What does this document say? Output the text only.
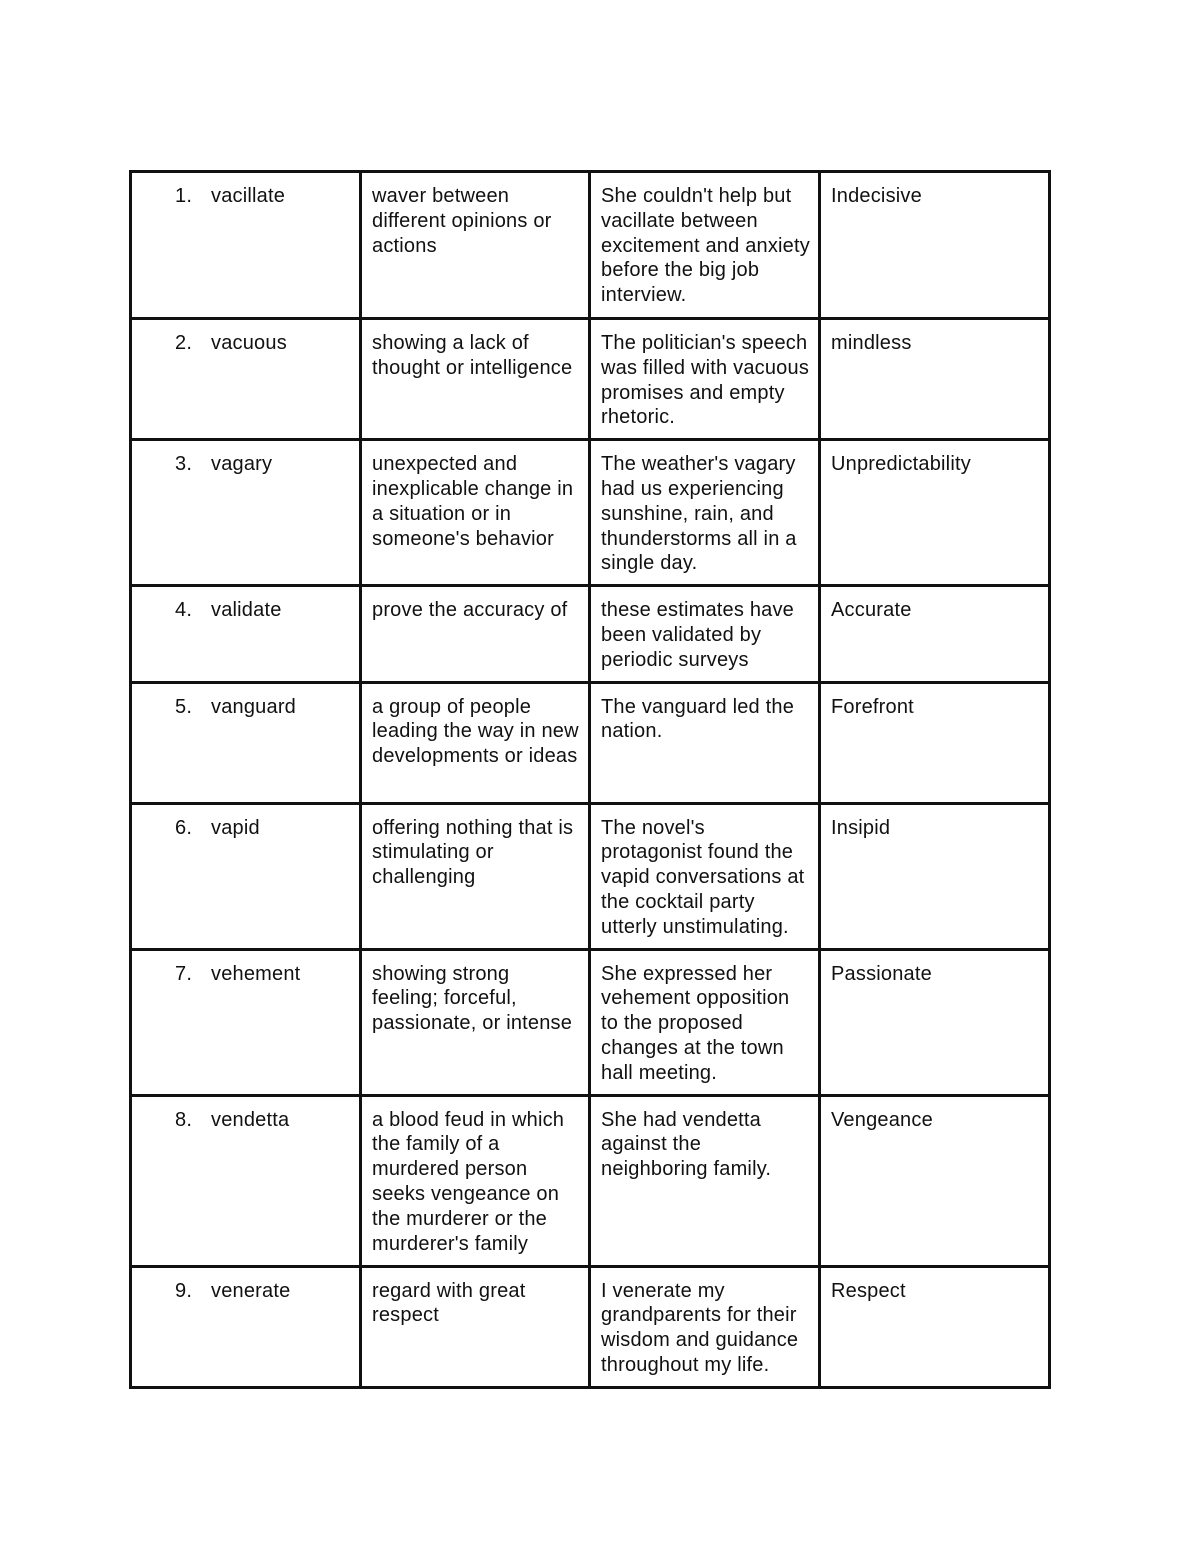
1. vacillate	waver between different opinions or actions	She couldn't help but vacillate between excitement and anxiety before the big job interview.	Indecisive
2. vacuous	showing a lack of thought or intelligence	The politician's speech was filled with vacuous promises and empty rhetoric.	mindless
3. vagary	unexpected and inexplicable change in a situation or in someone's behavior	The weather's vagary had us experiencing sunshine, rain, and thunderstorms all in a single day.	Unpredictability
4. validate	prove the accuracy of	these estimates have been validated by periodic surveys	Accurate
5. vanguard	a group of people leading the way in new developments or ideas	The vanguard led the nation.	Forefront
6. vapid	offering nothing that is stimulating or challenging	The novel's protagonist found the vapid conversations at the cocktail party utterly unstimulating.	Insipid
7. vehement	showing strong feeling; forceful, passionate, or intense	She expressed her vehement opposition to the proposed changes at the town hall meeting.	Passionate
8. vendetta	a blood feud in which the family of a murdered person seeks vengeance on the murderer or the murderer's family	She had vendetta against the neighboring family.	Vengeance
9. venerate	regard with great respect	I venerate my grandparents for their wisdom and guidance throughout my life.	Respect
